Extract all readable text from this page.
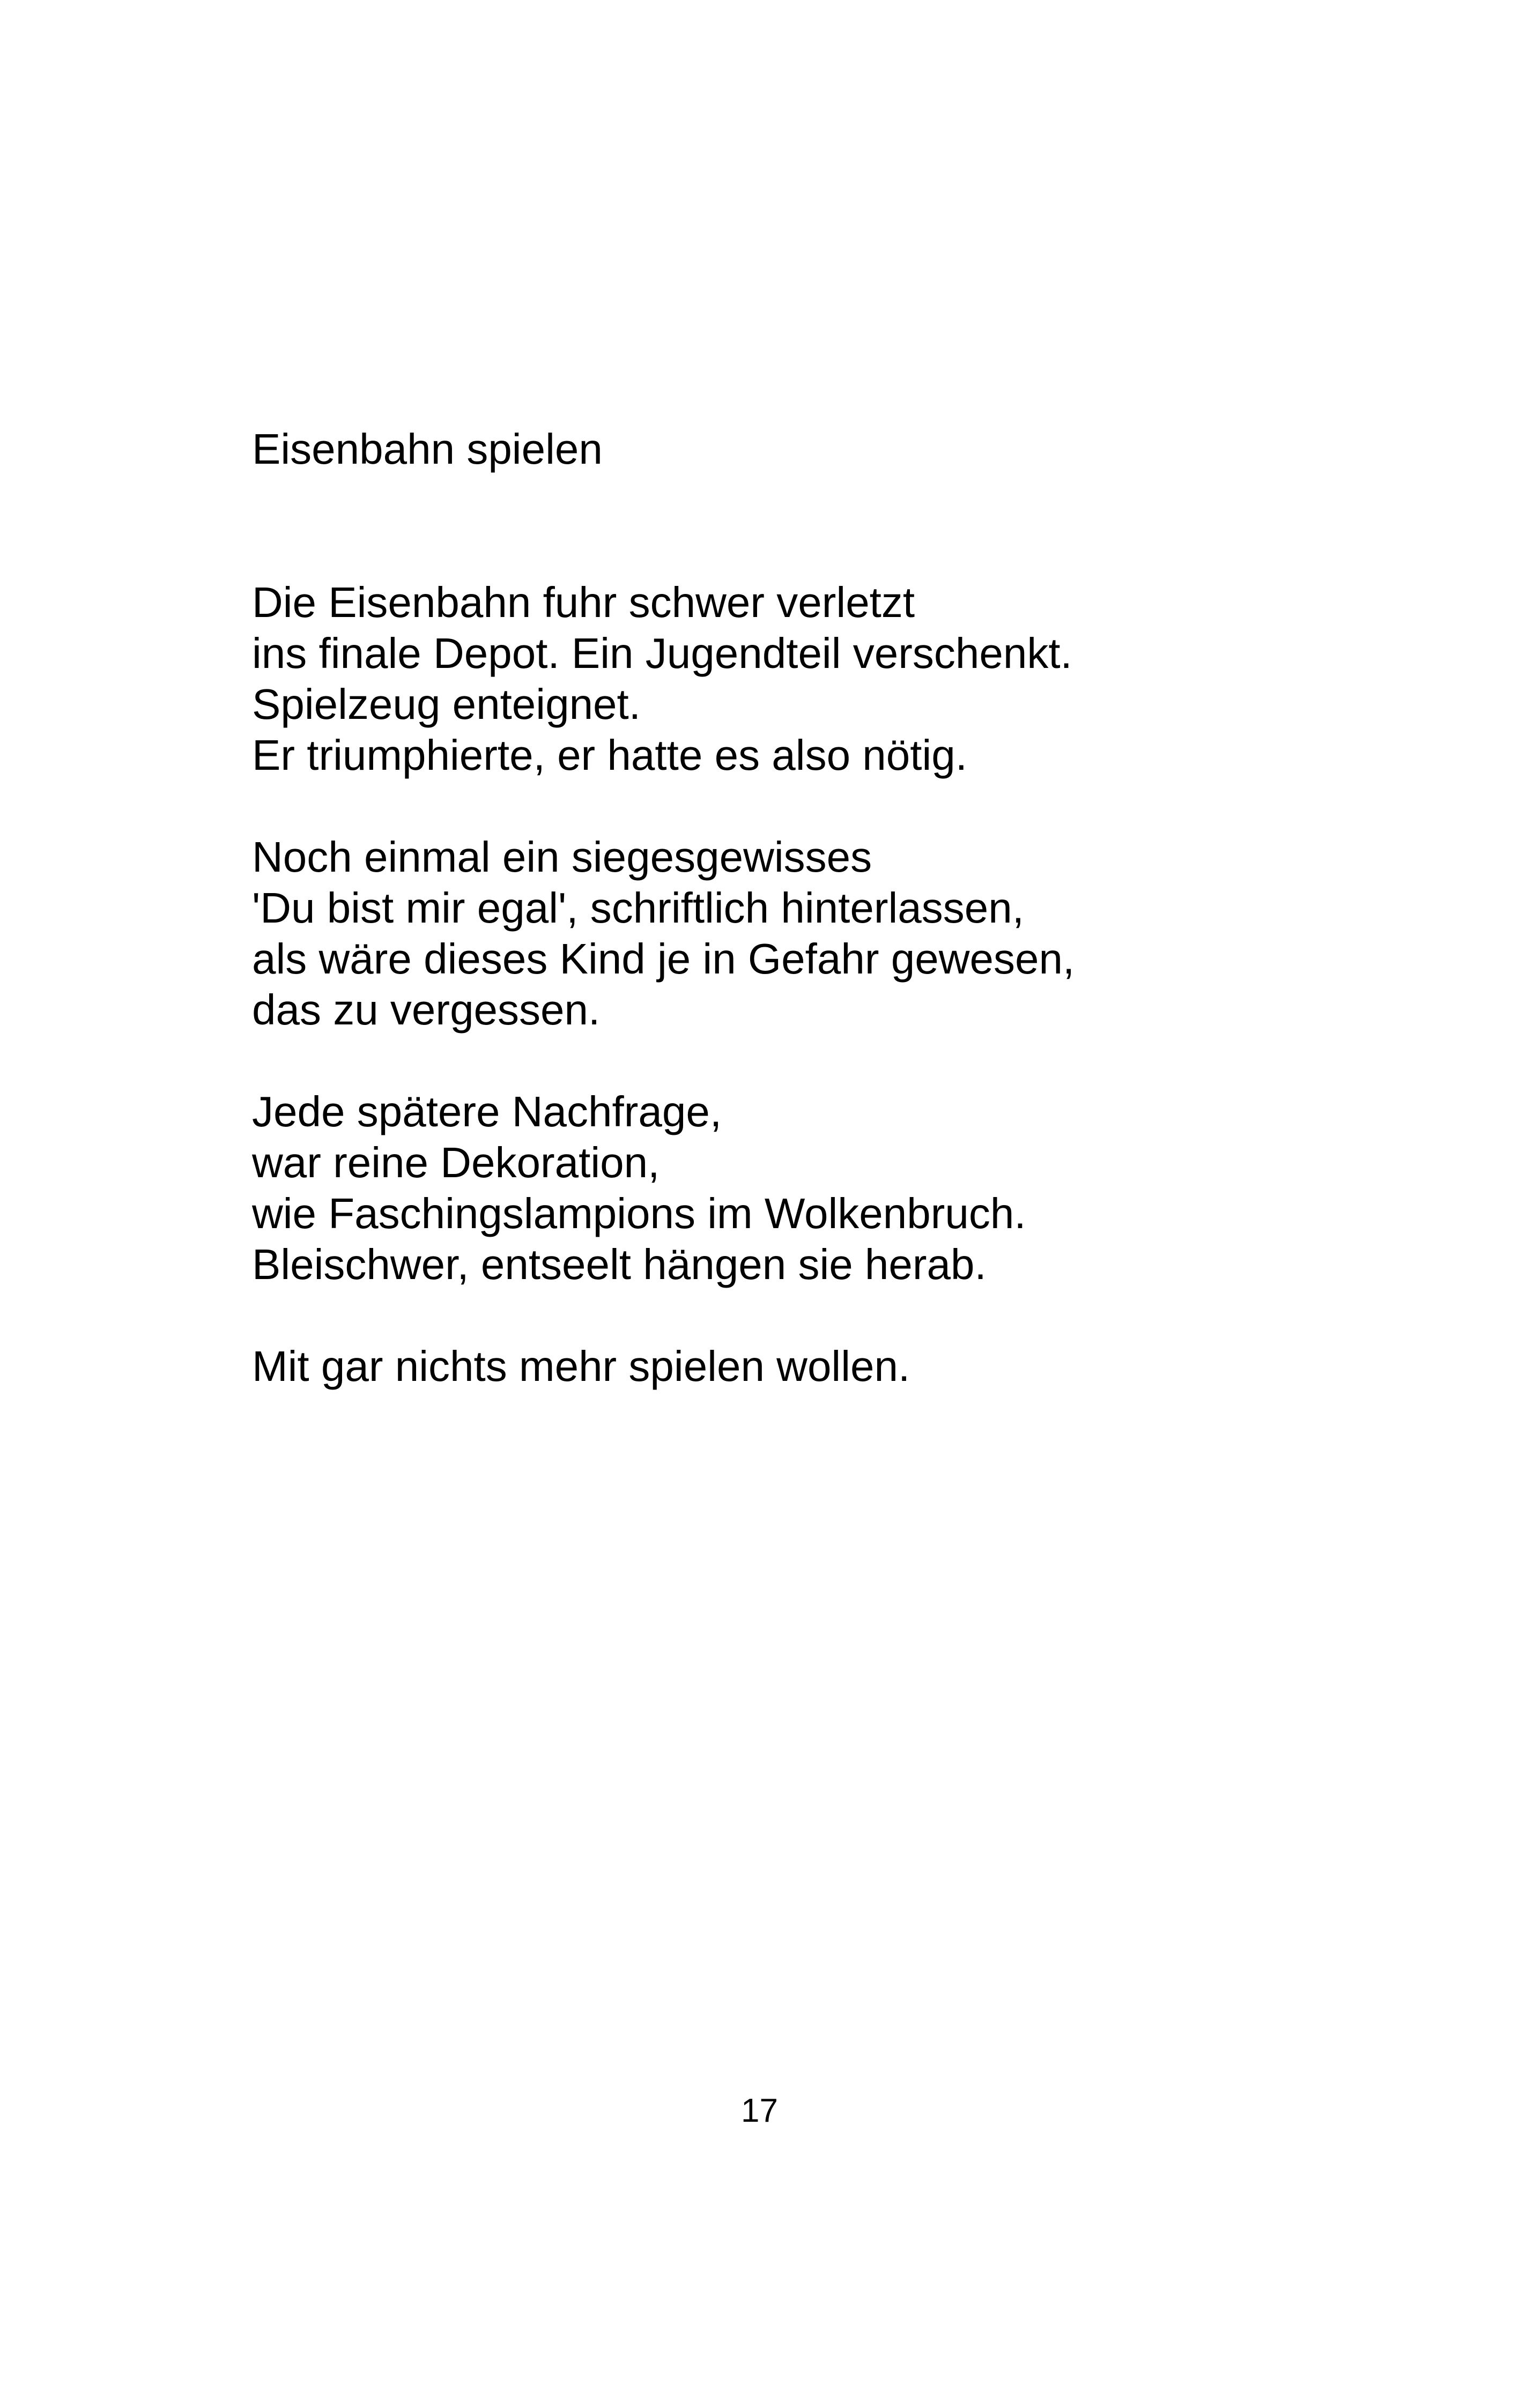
Eisenbahn spielen
Die Eisenbahn fuhr schwer verletzt
ins finale Depot. Ein Jugendteil verschenkt.
Spielzeug enteignet.
Er triumphierte, er hatte es also nötig.
Noch einmal ein siegesgewisses
'Du bist mir egal', schriftlich hinterlassen,
als wäre dieses Kind je in Gefahr gewesen,
das zu vergessen.
Jede spätere Nachfrage,
war reine Dekoration,
wie Faschingslampions im Wolkenbruch.
Bleischwer, entseelt hängen sie herab.
Mit gar nichts mehr spielen wollen.
17
